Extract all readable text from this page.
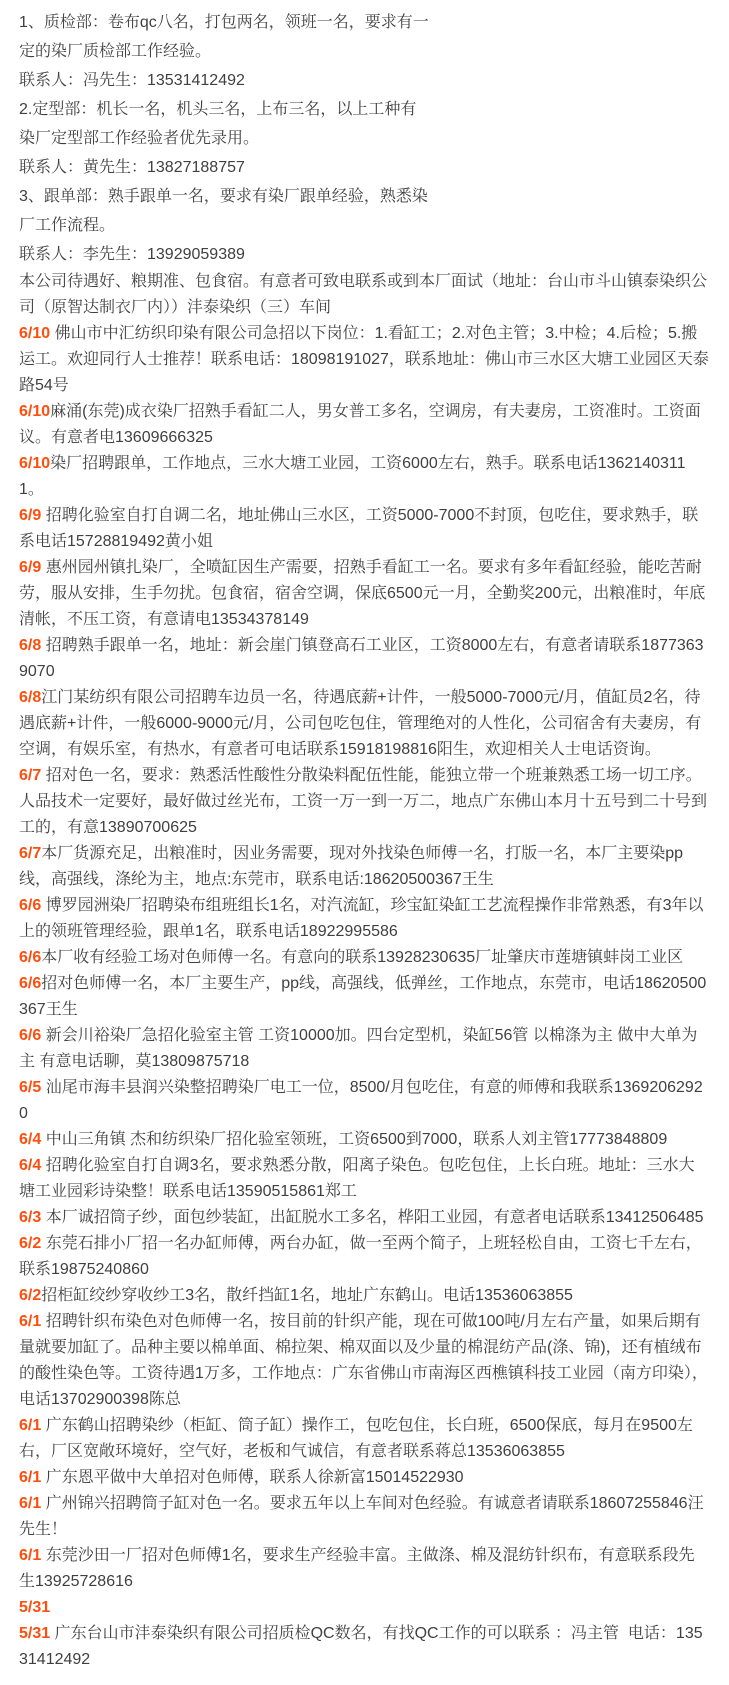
1、质检部：卷布qc八名，打包两名，领班一名，要求有一

定的染厂质检部工作经验。

联系人：冯先生：13531412492

2.定型部：机长一名，机头三名，上布三名，以上工种有

染厂定型部工作经验者优先录用。

联系人：黄先生：13827188757

3、跟单部：熟手跟单一名，要求有染厂跟单经验，熟悉染

厂工作流程。

联系人：李先生：13929059389

本公司待遇好、粮期准、包食宿。有意者可致电联系或到本厂面试（地址：台山市斗山镇泰染织公司（原智达制衣厂内））沣泰染织（三）车间

6/10 佛山市中汇纺织印染有限公司急招以下岗位：1.看缸工；2.对色主管；3.中检；4.后检；5.搬运工。欢迎同行人士推荐！联系电话：18098191027，联系地址：佛山市三水区大塘工业园区天泰路54号

6/10麻涌(东莞)成衣染厂招熟手看缸二人，男女普工多名，空调房，有夫妻房，工资准时。工资面议。有意者电13609666325

6/10染厂招聘跟单，工作地点，三水大塘工业园，工资6000左右，熟手。联系电话13621403111。

6/9 招聘化验室自打自调二名，地址佛山三水区，工资5000-7000不封顶，包吃住，要求熟手，联系电话15728819492黄小姐

6/9 惠州园州镇扎染厂，全喷缸因生产需要，招熟手看缸工一名。要求有多年看缸经验，能吃苦耐劳，服从安排，生手勿扰。包食宿，宿舍空调，保底6500元一月，全勤奖200元，出粮准时，年底清帐，不压工资，有意请电13534378149

6/8 招聘熟手跟单一名，地址：新会崖门镇登高石工业区，工资8000左右，有意者请联系18773639070

6/8江门某纺织有限公司招聘车边员一名，待遇底薪+计件，一般5000-7000元/月，值缸员2名，待遇底薪+计件，一般6000-9000元/月，公司包吃包住，管理绝对的人性化，公司宿舍有夫妻房，有空调，有娱乐室，有热水，有意者可电话联系15918198816阳生，欢迎相关人士电话资询。

6/7 招对色一名，要求：熟悉活性酸性分散染料配伍性能，能独立带一个班兼熟悉工场一切工序。人品技术一定要好，最好做过丝光布，工资一万一到一万二，地点广东佛山本月十五号到二十号到工的，有意13890700625

6/7本厂货源充足，出粮准时，因业务需要，现对外找染色师傅一名，打版一名，本厂主要染pp线，高强线，涤纶为主，地点:东莞市，联系电话:18620500367王生

6/6 博罗园洲染厂招聘染布组班组长1名，对汽流缸，珍宝缸染缸工艺流程操作非常熟悉，有3年以上的领班管理经验，跟单1名，联系电话18922995586

6/6本厂收有经验工场对色师傅一名。有意向的联系13928230635厂址肇庆市莲塘镇蚌岗工业区

6/6招对色师傅一名，本厂主要生产，pp线，高强线，低弹丝，工作地点，东莞市，电话18620500367王生

6/6 新会川裕染厂急招化验室主管 工资10000加。四台定型机，染缸56管 以棉涤为主 做中大单为主 有意电话聊，莫13809875718

6/5 汕尾市海丰县润兴染整招聘染厂电工一位，8500/月包吃住，有意的师傅和我联系13692062920

6/4 中山三角镇 杰和纺织染厂招化验室领班，工资6500到7000，联系人刘主管17773848809

6/4 招聘化验室自打自调3名，要求熟悉分散，阳离子染色。包吃包住，上长白班。地址：三水大塘工业园彩诗染整！联系电话13590515861郑工

6/3 本厂诚招筒子纱，面包纱装缸，出缸脱水工多名，桦阳工业园，有意者电话联系13412506485

6/2 东莞石排小厂招一名办缸师傅，两台办缸，做一至两个简子，上班轻松自由，工资七千左右，联系19875240860

6/2招柜缸绞纱穿收纱工3名，散纤挡缸1名，地址广东鹤山。电话13536063855

6/1 招聘针织布染色对色师傅一名，按目前的针织产能，现在可做100吨/月左右产量，如果后期有量就要加缸了。品种主要以棉单面、棉拉架、棉双面以及少量的棉混纺产品(涤、锦)，还有植绒布的酸性染色等。工资待遇1万多，工作地点：广东省佛山市南海区西樵镇科技工业园（南方印染），电话13702900398陈总

6/1 广东鹤山招聘染纱（柜缸、筒子缸）操作工，包吃包住，长白班，6500保底，每月在9500左右，厂区宽敞环境好，空气好，老板和气诚信，有意者联系蒋总13536063855

6/1 广东恩平做中大单招对色师傅，联系人徐新富15014522930

6/1 广州锦兴招聘筒子缸对色一名。要求五年以上车间对色经验。有诚意者请联系18607255846汪先生！

6/1 东莞沙田一厂招对色师傅1名，要求生产经验丰富。主做涤、棉及混纺针织布，有意联系段先生13925728616

5/31

5/31 广东台山市沣泰染织有限公司招质检QC数名，有找QC工作的可以联系 ：冯主管  电话：13531412492
